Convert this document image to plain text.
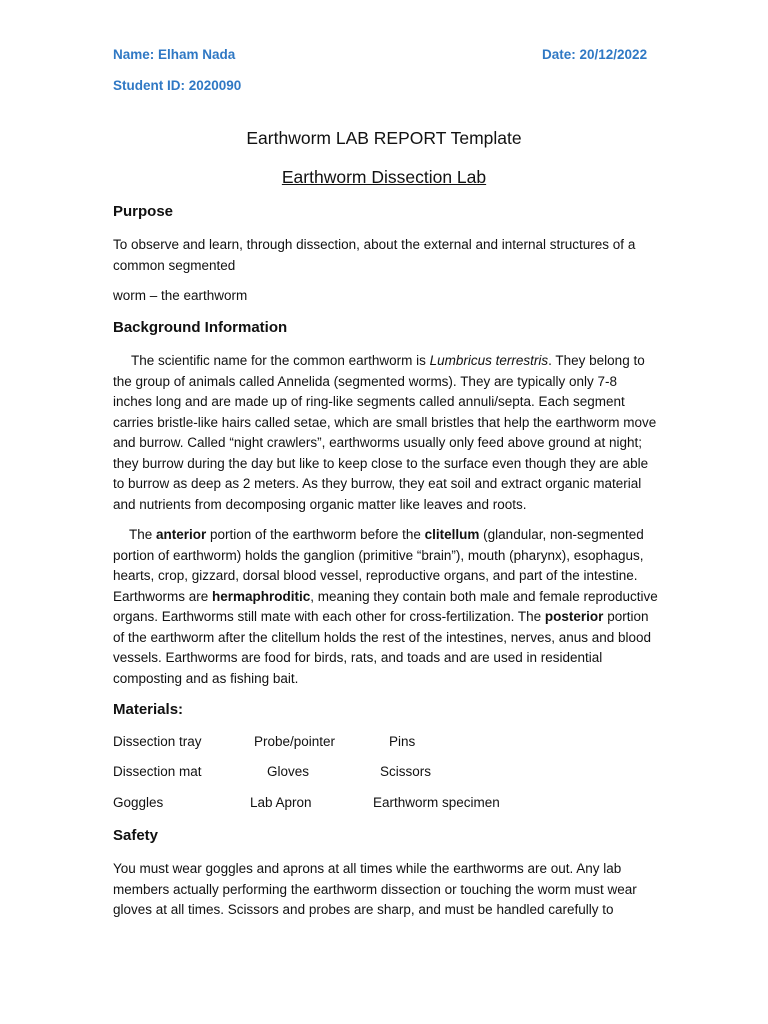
Name: Elham Nada	Date: 20/12/2022
Student ID: 2020090
Earthworm LAB REPORT Template
Earthworm Dissection Lab
Purpose
To observe and learn, through dissection, about the external and internal structures of a common segmented
worm – the earthworm
Background Information
The scientific name for the common earthworm is Lumbricus terrestris. They belong to the group of animals called Annelida (segmented worms). They are typically only 7-8 inches long and are made up of ring-like segments called annuli/septa. Each segment carries bristle-like hairs called setae, which are small bristles that help the earthworm move and burrow. Called “night crawlers”, earthworms usually only feed above ground at night; they burrow during the day but like to keep close to the surface even though they are able to burrow as deep as 2 meters. As they burrow, they eat soil and extract organic material and nutrients from decomposing organic matter like leaves and roots.
The anterior portion of the earthworm before the clitellum (glandular, non-segmented portion of earthworm) holds the ganglion (primitive “brain”), mouth (pharynx), esophagus, hearts, crop, gizzard, dorsal blood vessel, reproductive organs, and part of the intestine. Earthworms are hermaphroditic, meaning they contain both male and female reproductive organs. Earthworms still mate with each other for cross-fertilization. The posterior portion of the earthworm after the clitellum holds the rest of the intestines, nerves, anus and blood vessels. Earthworms are food for birds, rats, and toads and are used in residential composting and as fishing bait.
Materials:
Dissection tray	Probe/pointer	Pins
Dissection mat	Gloves	Scissors
Goggles	Lab Apron	Earthworm specimen
Safety
You must wear goggles and aprons at all times while the earthworms are out. Any lab members actually performing the earthworm dissection or touching the worm must wear gloves at all times. Scissors and probes are sharp, and must be handled carefully to
